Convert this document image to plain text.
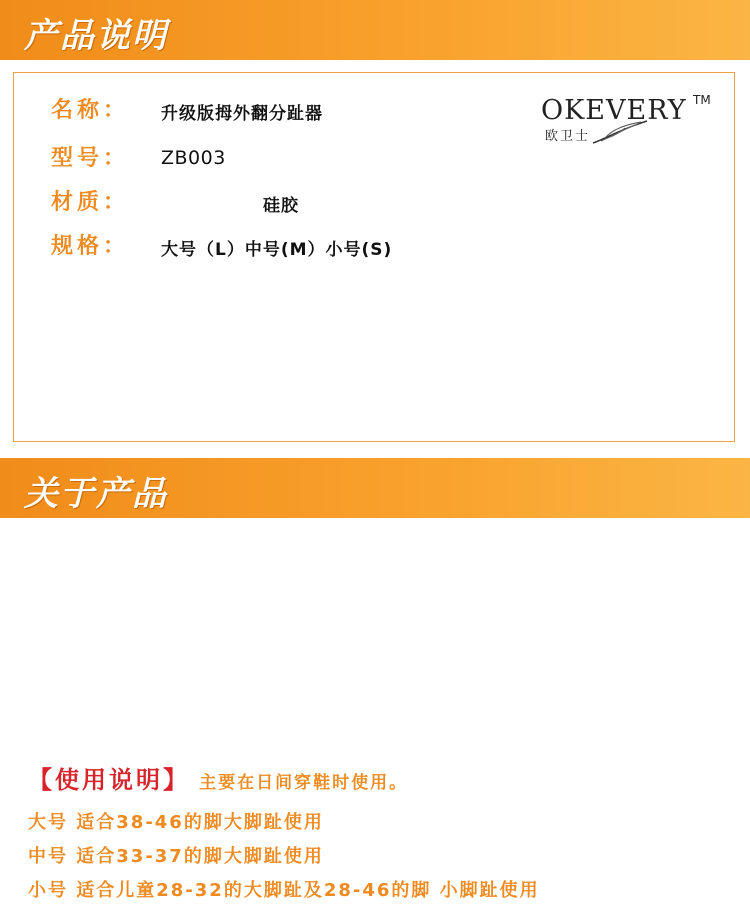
产品说明
名称： 升级版拇外翻分趾器
型号： ZB003
材质：	硅胶
规格： 大号（L）中号(M）小号(S)
OKEVERY TM
欧卫士
关于产品
【使用说明】 主要在日间穿鞋时使用。
大号 适合38-46的脚大脚趾使用
中号 适合33-37的脚大脚趾使用
小号 适合儿童28-32的大脚趾及28-46的脚 小脚趾使用
